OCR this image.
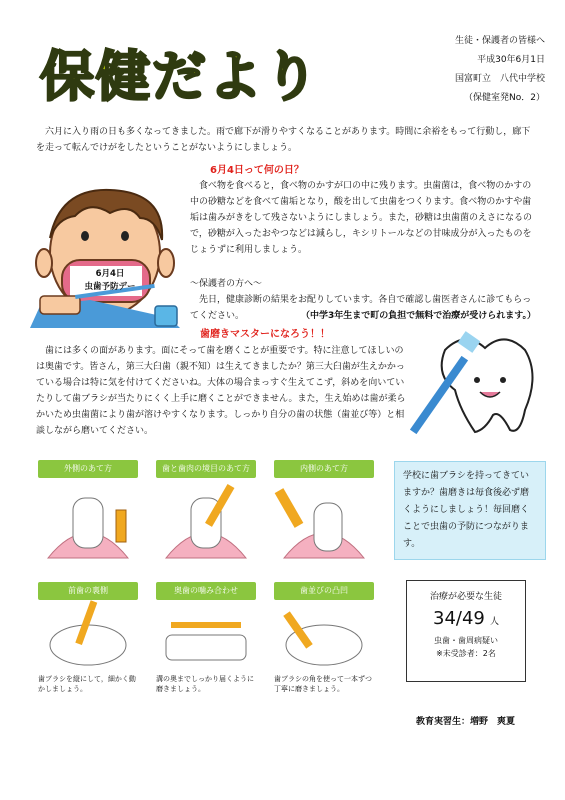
保健だより
生徒・保護者の皆様へ
平成30年6月1日
国富町立　八代中学校
（保健室発No．2）
六月に入り雨の日も多くなってきました。雨で廊下が滑りやすくなることがあります。時間に余裕をもって行動し，廊下を走って転んでけがをしたということがないようにしましょう。
6月4日って何の日？
6月4日
虫歯予防デー
食べ物を食べると，食べ物のかすが口の中に残ります。虫歯菌は，食べ物のかすの中の砂糖などを食べて歯垢となり，酸を出して虫歯をつくります。食べ物のかすや歯垢は歯みがきをして残さないようにしましょう。また，砂糖は虫歯菌のえさになるので，砂糖が入ったおやつなどは減らし，キシリトールなどの甘味成分が入ったものをじょうずに利用しましょう。
〜保護者の方へ〜
先日，健康診断の結果をお配りしています。各自で確認し歯医者さんに診てもらってください。	（中学3年生まで町の負担で無料で治療が受けられます。）
歯磨きマスターになろう！！
歯には多くの面があります。面にそって歯を磨くことが重要です。特に注意してほしいのは奥歯です。皆さん，第三大臼歯（親不知）は生えてきましたか？第三大臼歯が生えかかっている場合は特に気を付けてくださいね。大体の場合まっすぐ生えてこず，斜めを向いていたりして歯ブラシが当たりにくく上手に磨くことができません。また，生え始めは歯が柔らかいため虫歯菌により歯が溶けやすくなります。しっかり自分の歯の状態（歯並び等）と相談しながら磨いてください。
外側のあて方	歯と歯肉の境目のあて方	内側のあて方
前歯の裏側
歯ブラシを縦にして，細かく動かしましょう。
奥歯の噛み合わせ
溝の奥までしっかり届くように磨きましょう。
歯並びの凸凹
歯ブラシの角を使って一本ずつ丁寧に磨きましょう。
学校に歯ブラシを持ってきていますか？歯磨きは毎食後必ず磨くようにしましょう！毎回磨くことで虫歯の予防につながります。
治療が必要な生徒
34/49 人
虫歯・歯周病疑い
※未受診者：2名
教育実習生：増野　爽夏
